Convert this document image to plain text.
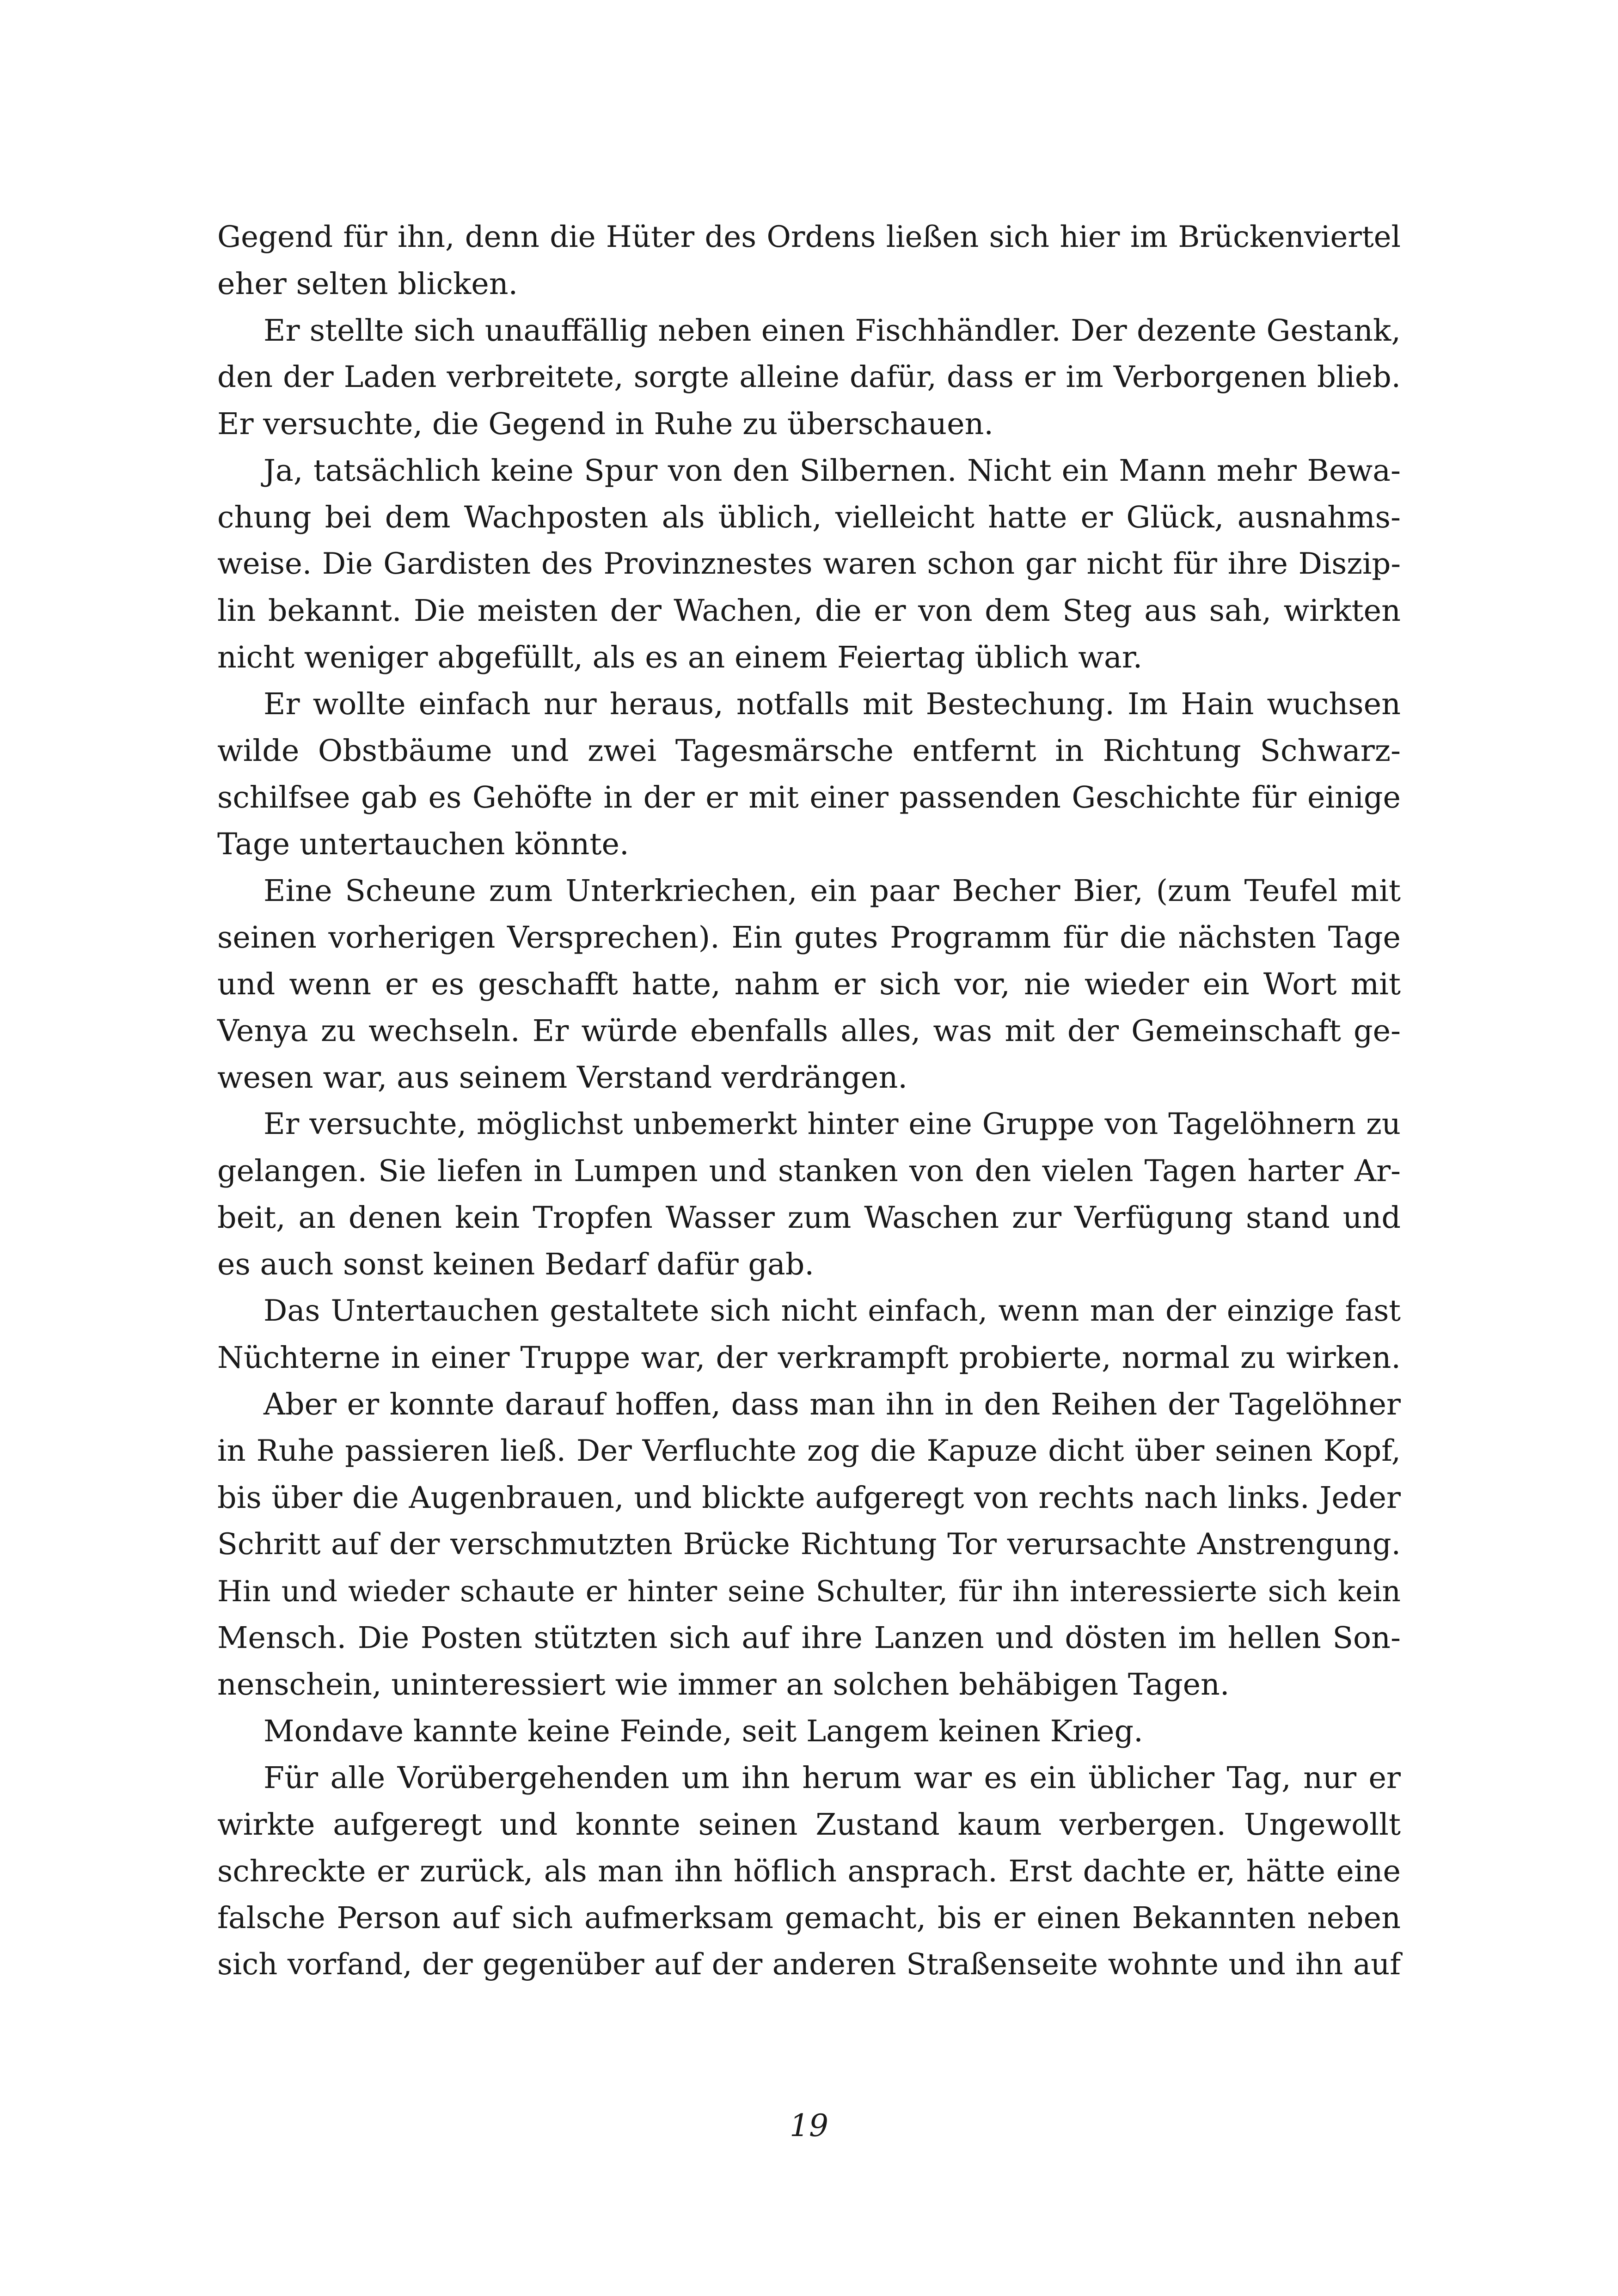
Gegend für ihn, denn die Hüter des Ordens ließen sich hier im Brückenviertel
eher selten blicken.
Er stellte sich unauffällig neben einen Fischhändler. Der dezente Gestank,
den der Laden verbreitete, sorgte alleine dafür, dass er im Verborgenen blieb.
Er versuchte, die Gegend in Ruhe zu überschauen.
Ja, tatsächlich keine Spur von den Silbernen. Nicht ein Mann mehr Bewa-
chung bei dem Wachposten als üblich, vielleicht hatte er Glück, ausnahms-
weise. Die Gardisten des Provinznestes waren schon gar nicht für ihre Diszip-
lin bekannt. Die meisten der Wachen, die er von dem Steg aus sah, wirkten
nicht weniger abgefüllt, als es an einem Feiertag üblich war.
Er wollte einfach nur heraus, notfalls mit Bestechung. Im Hain wuchsen
wilde Obstbäume und zwei Tagesmärsche entfernt in Richtung Schwarz-
schilfsee gab es Gehöfte in der er mit einer passenden Geschichte für einige
Tage untertauchen könnte.
Eine Scheune zum Unterkriechen, ein paar Becher Bier, (zum Teufel mit
seinen vorherigen Versprechen). Ein gutes Programm für die nächsten Tage
und wenn er es geschafft hatte, nahm er sich vor, nie wieder ein Wort mit
Venya zu wechseln. Er würde ebenfalls alles, was mit der Gemeinschaft ge-
wesen war, aus seinem Verstand verdrängen.
Er versuchte, möglichst unbemerkt hinter eine Gruppe von Tagelöhnern zu
gelangen. Sie liefen in Lumpen und stanken von den vielen Tagen harter Ar-
beit, an denen kein Tropfen Wasser zum Waschen zur Verfügung stand und
es auch sonst keinen Bedarf dafür gab.
Das Untertauchen gestaltete sich nicht einfach, wenn man der einzige fast
Nüchterne in einer Truppe war, der verkrampft probierte, normal zu wirken.
Aber er konnte darauf hoffen, dass man ihn in den Reihen der Tagelöhner
in Ruhe passieren ließ. Der Verfluchte zog die Kapuze dicht über seinen Kopf,
bis über die Augenbrauen, und blickte aufgeregt von rechts nach links. Jeder
Schritt auf der verschmutzten Brücke Richtung Tor verursachte Anstrengung.
Hin und wieder schaute er hinter seine Schulter, für ihn interessierte sich kein
Mensch. Die Posten stützten sich auf ihre Lanzen und dösten im hellen Son-
nenschein, uninteressiert wie immer an solchen behäbigen Tagen.
Mondave kannte keine Feinde, seit Langem keinen Krieg.
Für alle Vorübergehenden um ihn herum war es ein üblicher Tag, nur er
wirkte aufgeregt und konnte seinen Zustand kaum verbergen. Ungewollt
schreckte er zurück, als man ihn höflich ansprach. Erst dachte er, hätte eine
falsche Person auf sich aufmerksam gemacht, bis er einen Bekannten neben
sich vorfand, der gegenüber auf der anderen Straßenseite wohnte und ihn auf
19
